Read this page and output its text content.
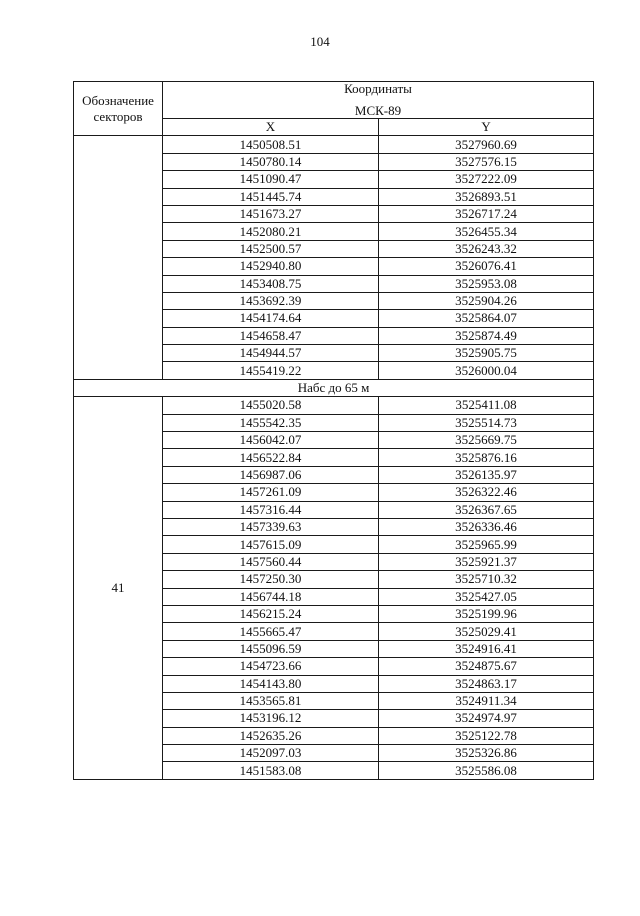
104
Обозначение
секторов	Координаты
МСК-89	

	X	Y
	1450508.51	3527960.69
	1450780.14	3527576.15
	1451090.47	3527222.09
	1451445.74	3526893.51
	1451673.27	3526717.24
	1452080.21	3526455.34
	1452500.57	3526243.32
	1452940.80	3526076.41
	1453408.75	3525953.08
	1453692.39	3525904.26
	1454174.64	3525864.07
	1454658.47	3525874.49
	1454944.57	3525905.75
	1455419.22	3526000.04
Набс до 65 м		
41	1455020.58	3525411.08
	1455542.35	3525514.73
	1456042.07	3525669.75
	1456522.84	3525876.16
	1456987.06	3526135.97
	1457261.09	3526322.46
	1457316.44	3526367.65
	1457339.63	3526336.46
	1457615.09	3525965.99
	1457560.44	3525921.37
	1457250.30	3525710.32
	1456744.18	3525427.05
	1456215.24	3525199.96
	1455665.47	3525029.41
	1455096.59	3524916.41
	1454723.66	3524875.67
	1454143.80	3524863.17
	1453565.81	3524911.34
	1453196.12	3524974.97
	1452635.26	3525122.78
	1452097.03	3525326.86
	1451583.08	3525586.08
